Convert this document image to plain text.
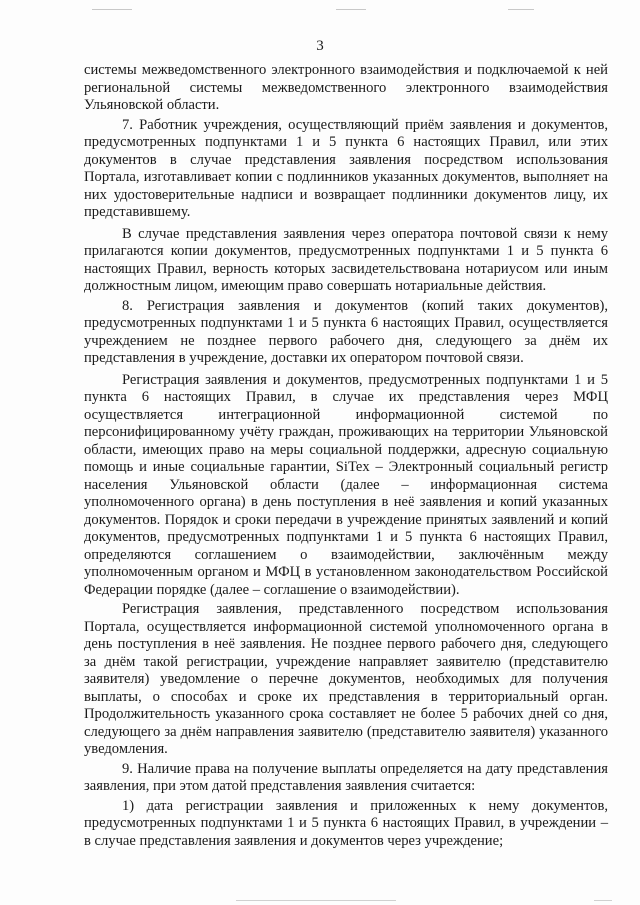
3

системы межведомственного электронного взаимодействия и подключаемой к ней региональной системы межведомственного электронного взаимодействия Ульяновской области.

7. Работник учреждения, осуществляющий приём заявления и документов, предусмотренных подпунктами 1 и 5 пункта 6 настоящих Правил, или этих документов в случае представления заявления посредством использования Портала, изготавливает копии с подлинников указанных документов, выполняет на них удостоверительные надписи и возвращает подлинники документов лицу, их представившему.

В случае представления заявления через оператора почтовой связи к нему прилагаются копии документов, предусмотренных подпунктами 1 и 5 пункта 6 настоящих Правил, верность которых засвидетельствована нотариусом или иным должностным лицом, имеющим право совершать нотариальные действия.

8. Регистрация заявления и документов (копий таких документов), предусмотренных подпунктами 1 и 5 пункта 6 настоящих Правил, осуществляется учреждением не позднее первого рабочего дня, следующего за днём их представления в учреждение, доставки их оператором почтовой связи.

Регистрация заявления и документов, предусмотренных подпунктами 1 и 5 пункта 6 настоящих Правил, в случае их представления через МФЦ осуществляется интеграционной информационной системой по персонифицированному учёту граждан, проживающих на территории Ульяновской области, имеющих право на меры социальной поддержки, адресную социальную помощь и иные социальные гарантии, SiTex – Электронный социальный регистр населения Ульяновской области (далее – информационная система уполномоченного органа) в день поступления в неё заявления и копий указанных документов. Порядок и сроки передачи в учреждение принятых заявлений и копий документов, предусмотренных подпунктами 1 и 5 пункта 6 настоящих Правил, определяются соглашением о взаимодействии, заключённым между уполномоченным органом и МФЦ в установленном законодательством Российской Федерации порядке (далее – соглашение о взаимодействии).

Регистрация заявления, представленного посредством использования Портала, осуществляется информационной системой уполномоченного органа в день поступления в неё заявления. Не позднее первого рабочего дня, следующего за днём такой регистрации, учреждение направляет заявителю (представителю заявителя) уведомление о перечне документов, необходимых для получения выплаты, о способах и сроке их представления в территориальный орган. Продолжительность указанного срока составляет не более 5 рабочих дней со дня, следующего за днём направления заявителю (представителю заявителя) указанного уведомления.

9. Наличие права на получение выплаты определяется на дату представления заявления, при этом датой представления заявления считается:

1) дата регистрации заявления и приложенных к нему документов, предусмотренных подпунктами 1 и 5 пункта 6 настоящих Правил, в учреждении – в случае представления заявления и документов через учреждение;
